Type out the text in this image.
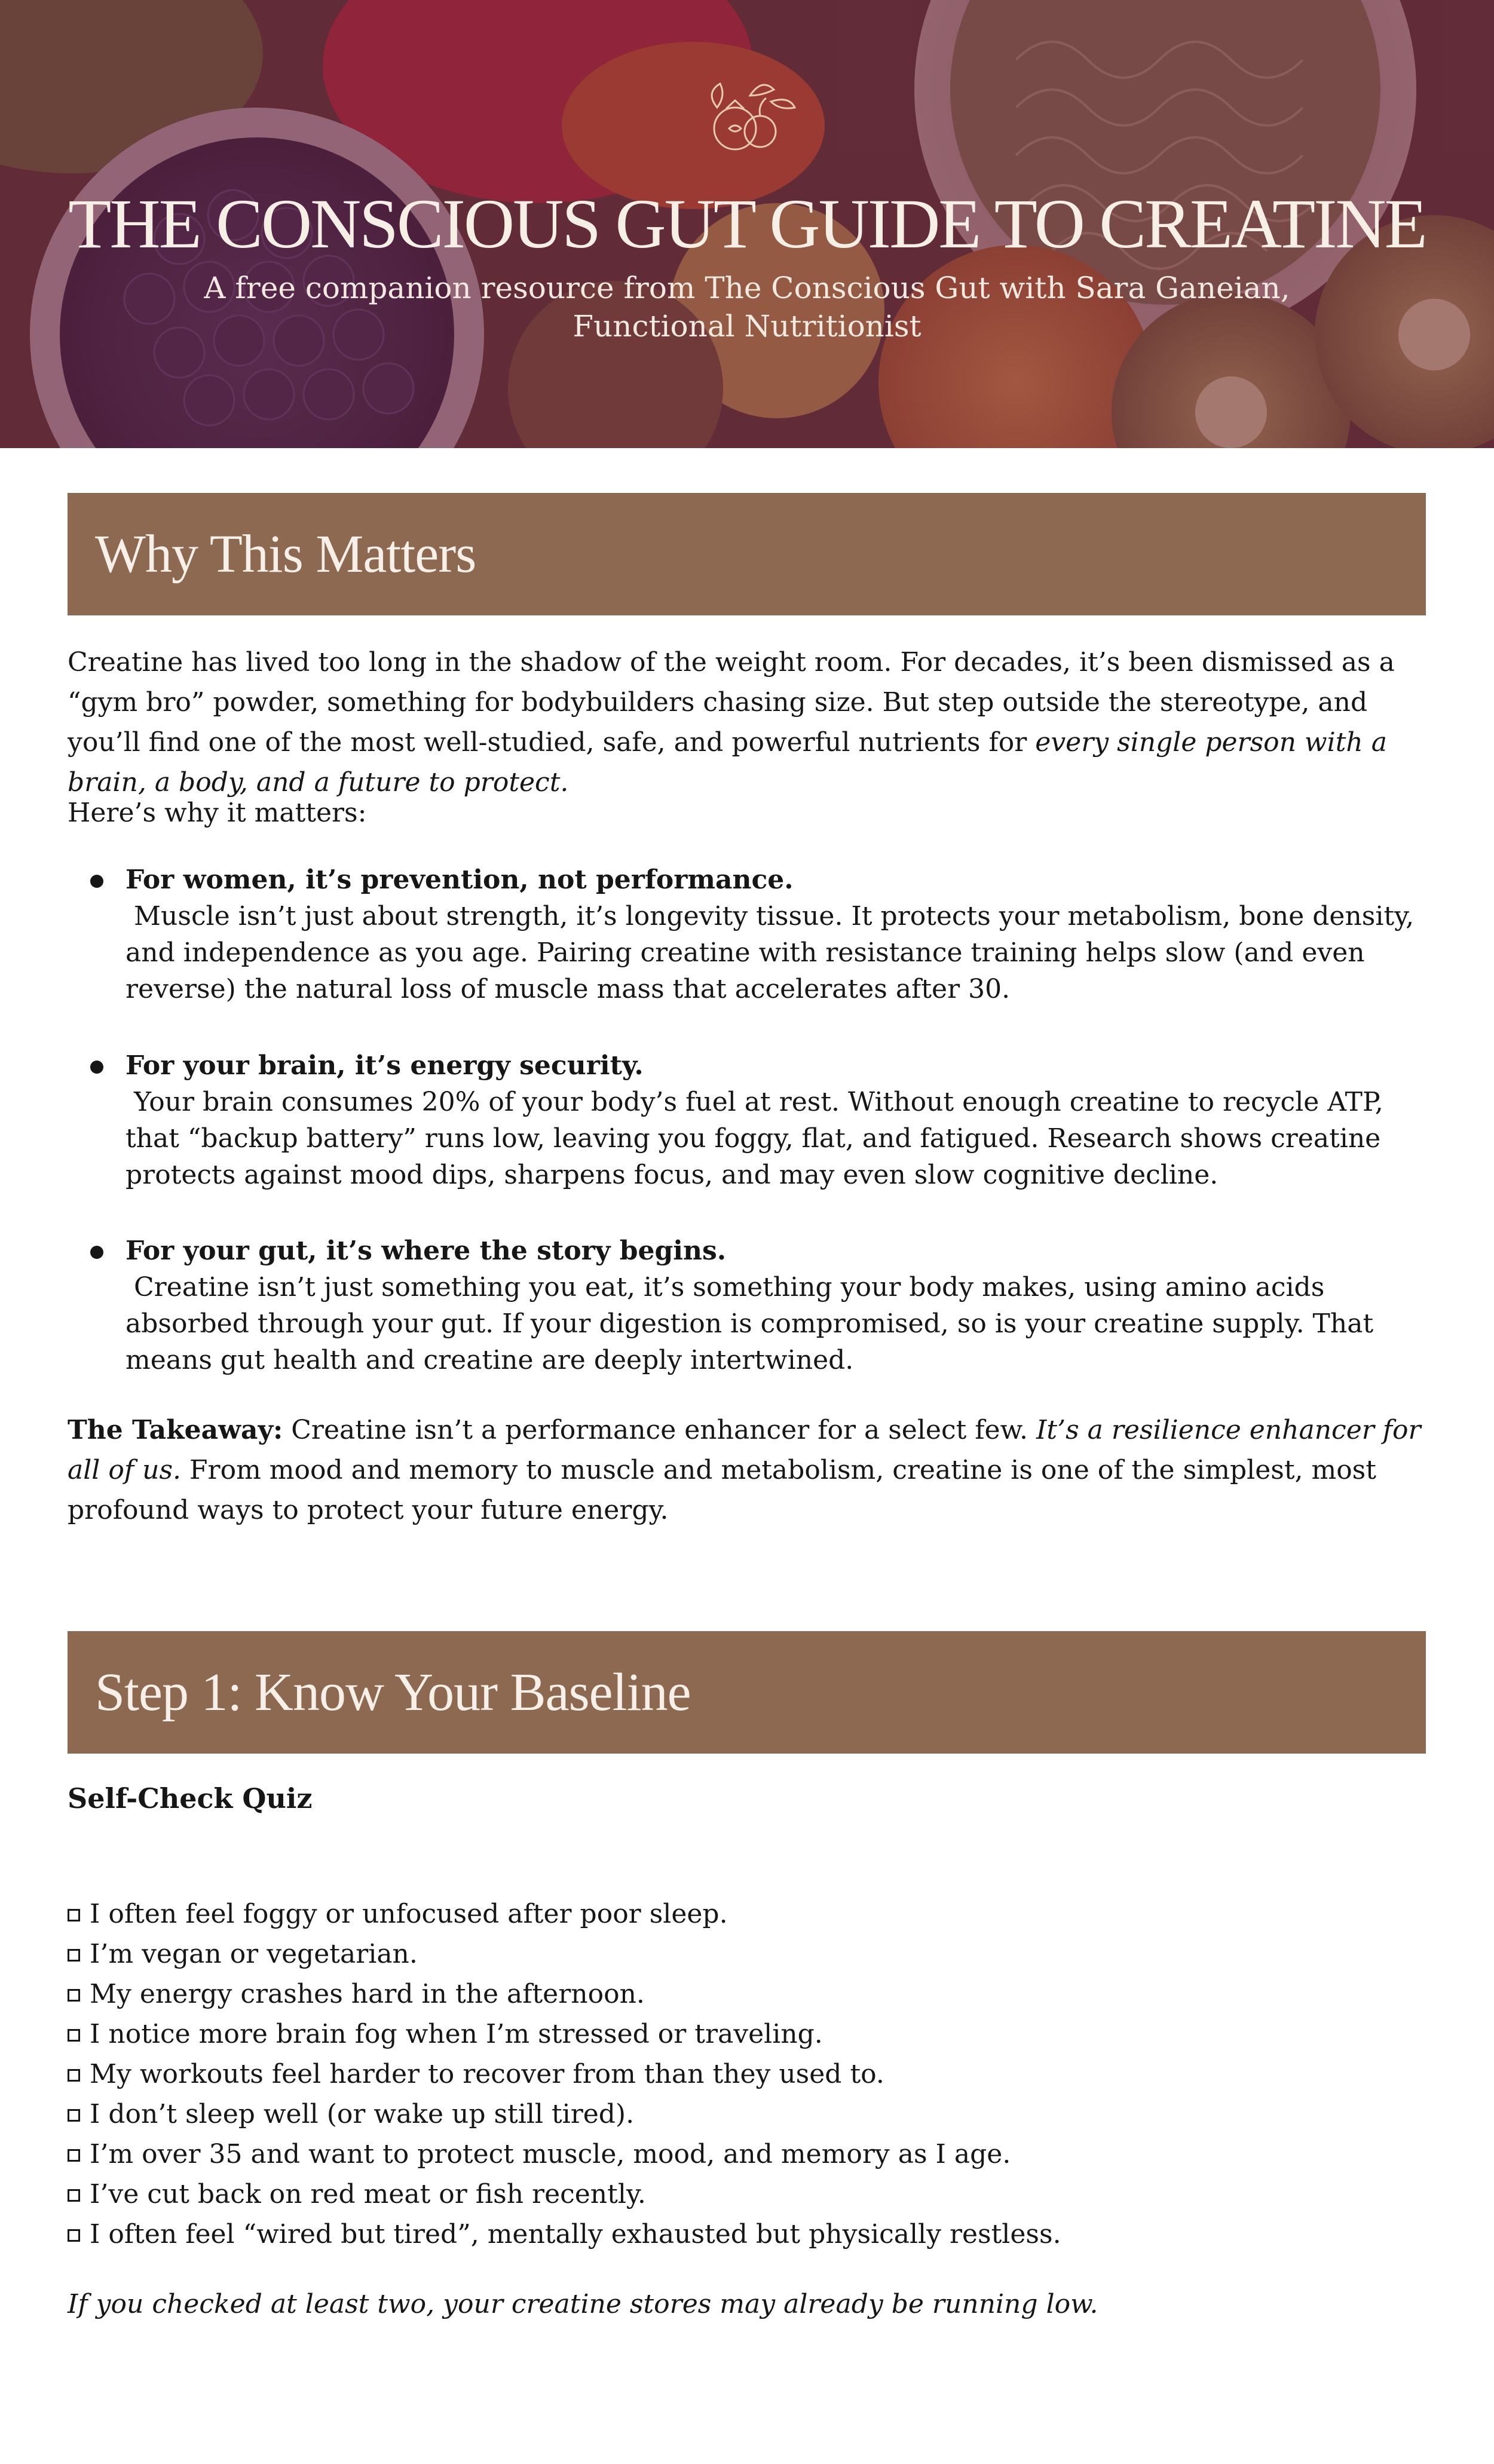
THE CONSCIOUS GUT GUIDE TO CREATINE
A free companion resource from The Conscious Gut with Sara Ganeian,
Functional Nutritionist
Why This Matters

Creatine has lived too long in the shadow of the weight room. For decades, it’s been dismissed as a “gym bro” powder, something for bodybuilders chasing size. But step outside the stereotype, and you’ll find one of the most well-studied, safe, and powerful nutrients for every single person with a brain, a body, and a future to protect.

Here’s why it matters:

For women, it’s prevention, not performance.
Muscle isn’t just about strength, it’s longevity tissue. It protects your metabolism, bone density, and independence as you age. Pairing creatine with resistance training helps slow (and even reverse) the natural loss of muscle mass that accelerates after 30.
For your brain, it’s energy security.
Your brain consumes 20% of your body’s fuel at rest. Without enough creatine to recycle ATP, that “backup battery” runs low, leaving you foggy, flat, and fatigued. Research shows creatine protects against mood dips, sharpens focus, and may even slow cognitive decline.
For your gut, it’s where the story begins.
Creatine isn’t just something you eat, it’s something your body makes, using amino acids absorbed through your gut. If your digestion is compromised, so is your creatine supply. That means gut health and creatine are deeply intertwined.

The Takeaway: Creatine isn’t a performance enhancer for a select few. It’s a resilience enhancer for all of us. From mood and memory to muscle and metabolism, creatine is one of the simplest, most profound ways to protect your future energy.

Step 1: Know Your Baseline
Self-Check Quiz
I often feel foggy or unfocused after poor sleep.
I’m vegan or vegetarian.
My energy crashes hard in the afternoon.
I notice more brain fog when I’m stressed or traveling.
My workouts feel harder to recover from than they used to.
I don’t sleep well (or wake up still tired).
I’m over 35 and want to protect muscle, mood, and memory as I age.
I’ve cut back on red meat or fish recently.
I often feel “wired but tired”, mentally exhausted but physically restless.

If you checked at least two, your creatine stores may already be running low.
